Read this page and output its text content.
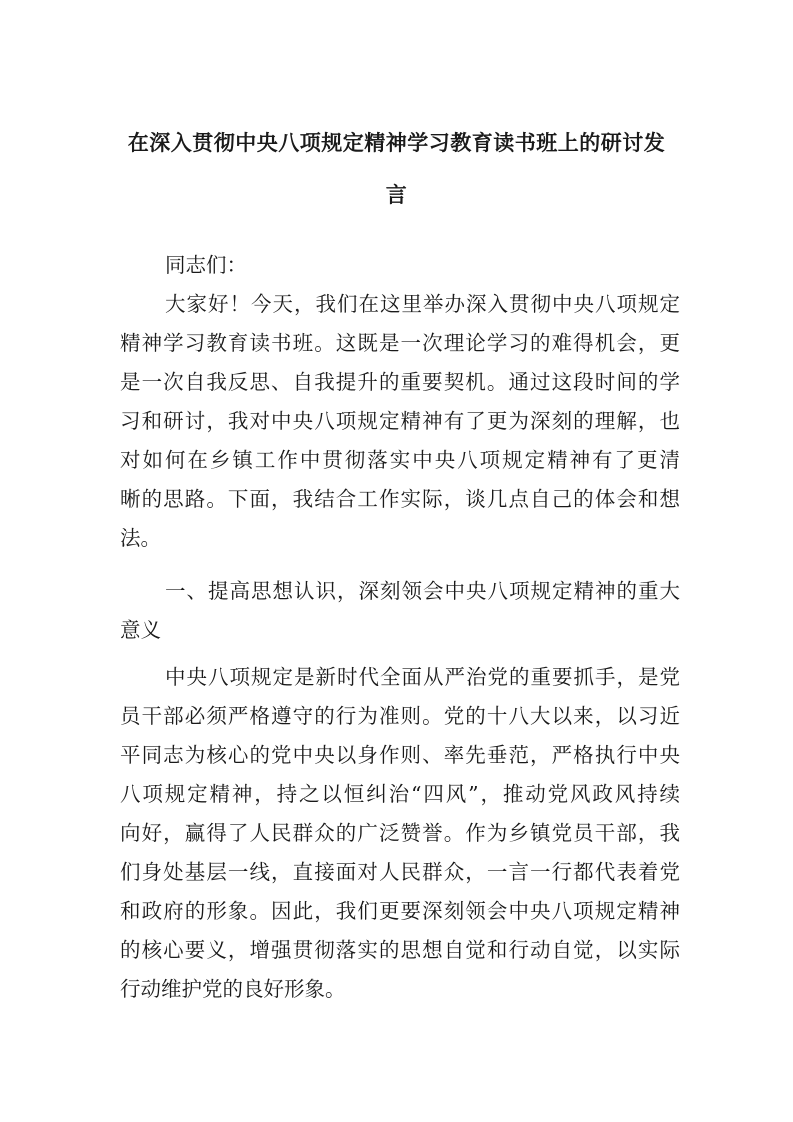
在深入贯彻中央八项规定精神学习教育读书班上的研讨发
言
同志们：
大家好！今天，我们在这里举办深入贯彻中央八项规定
精神学习教育读书班。这既是一次理论学习的难得机会，更
是一次自我反思、自我提升的重要契机。通过这段时间的学
习和研讨，我对中央八项规定精神有了更为深刻的理解，也
对如何在乡镇工作中贯彻落实中央八项规定精神有了更清
晰的思路。下面，我结合工作实际，谈几点自己的体会和想
法。
一、提高思想认识，深刻领会中央八项规定精神的重大
意义
中央八项规定是新时代全面从严治党的重要抓手，是党
员干部必须严格遵守的行为准则。党的十八大以来，以习近
平同志为核心的党中央以身作则、率先垂范，严格执行中央
八项规定精神，持之以恒纠治“四风”，推动党风政风持续
向好，赢得了人民群众的广泛赞誉。作为乡镇党员干部，我
们身处基层一线，直接面对人民群众，一言一行都代表着党
和政府的形象。因此，我们更要深刻领会中央八项规定精神
的核心要义，增强贯彻落实的思想自觉和行动自觉，以实际
行动维护党的良好形象。
